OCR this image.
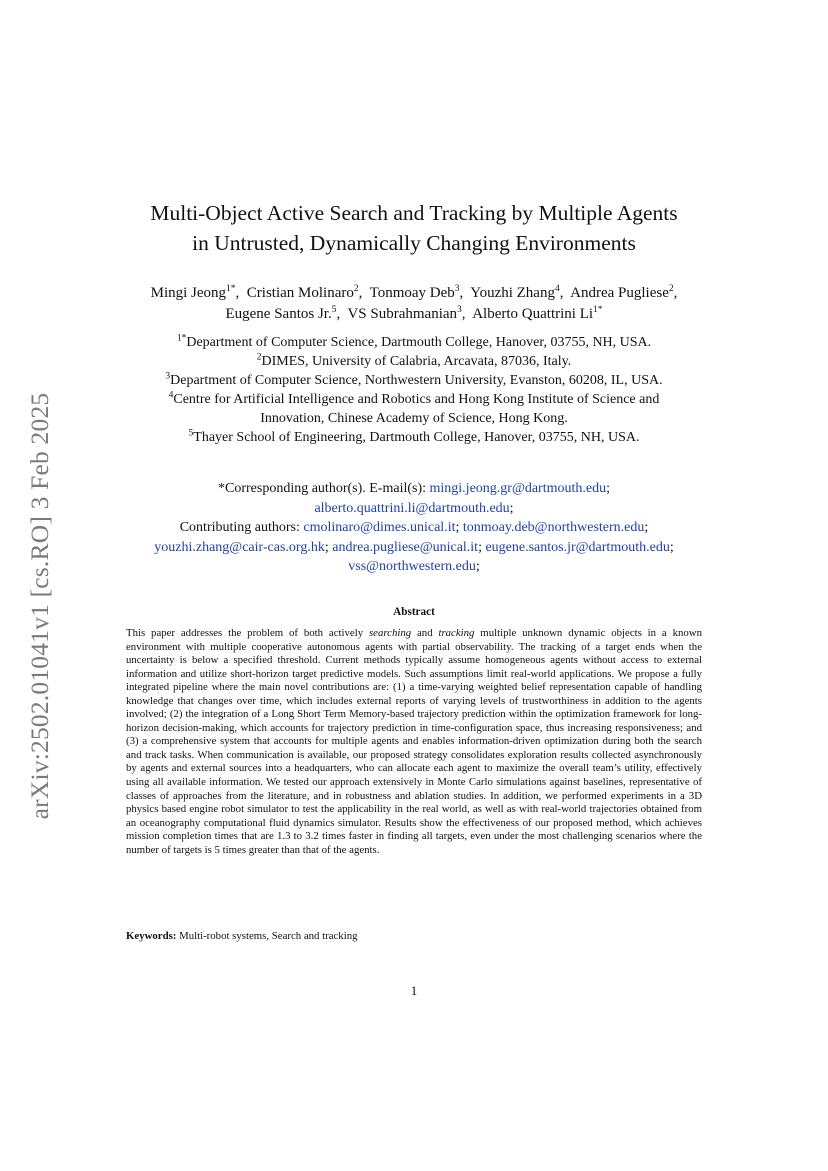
arXiv:2502.01041v1 [cs.RO] 3 Feb 2025
Multi-Object Active Search and Tracking by Multiple Agents
in Untrusted, Dynamically Changing Environments
Mingi Jeong$^{1*}$,  Cristian Molinaro$^2$,  Tonmoay Deb$^3$,  Youzhi Zhang$^4$,  Andrea Pugliese$^2$,
Eugene Santos Jr.$^5$,  VS Subrahmanian$^3$,  Alberto Quattrini $Li^{1*}$
$^{1*}$Department of Computer Science, Dartmouth College, Hanover, 03755, NH, USA.
$^2$DIMES, University of Calabria, Arcavata, 87036, Italy.
$^3$Department of Computer Science, Northwestern University, Evanston, 60208, IL, USA.
$^4$Centre for Artificial Intelligence and Robotics and Hong Kong Institute of Science and
Innovation, Chinese Academy of Science, Hong Kong.
$^5$Thayer School of Engineering, Dartmouth College, Hanover, 03755, NH, USA.
*Corresponding author(s). E-mail(s): mingi.jeong.gr@dartmouth.edu;
alberto.quattrini.li@dartmouth.edu;
Contributing authors: cmolinaro@dimes.unical.it; tonmoay.deb@northwestern.edu;
youzhi.zhang@cair-cas.org.hk; andrea.pugliese@unical.it; eugene.santos.jr@dartmouth.edu;
vss@northwestern.edu;
Abstract
This paper addresses the problem of both actively searching and tracking multiple unknown dynamic objects in a known environment with multiple cooperative autonomous agents with partial observability. The tracking of a target ends when the uncertainty is below a specified threshold. Current methods typically assume homogeneous agents without access to external information and utilize short-horizon target predictive models. Such assumptions limit real-world applications. We propose a fully integrated pipeline where the main novel contributions are: (1) a time-varying weighted belief representation capable of handling knowledge that changes over time, which includes external reports of varying levels of trustworthiness in addition to the agents involved; (2) the integration of a Long Short Term Memory-based trajectory prediction within the optimization framework for long-horizon decision-making, which accounts for trajectory prediction in time-configuration space, thus increasing responsiveness; and (3) a comprehensive system that accounts for multiple agents and enables information-driven optimization during both the search and track tasks. When communication is available, our proposed strategy consolidates exploration results collected asynchronously by agents and external sources into a headquarters, who can allocate each agent to maximize the overall team’s utility, effectively using all available information. We tested our approach extensively in Monte Carlo simulations against baselines, representative of classes of approaches from the literature, and in robustness and ablation studies. In addition, we performed experiments in a 3D physics based engine robot simulator to test the applicability in the real world, as well as with real-world trajectories obtained from an oceanography computational fluid dynamics simulator. Results show the effectiveness of our proposed method, which achieves mission completion times that are 1.3 to 3.2 times faster in finding all targets, even under the most challenging scenarios where the number of targets is 5 times greater than that of the agents.
Keywords: Multi-robot systems, Search and tracking
1
